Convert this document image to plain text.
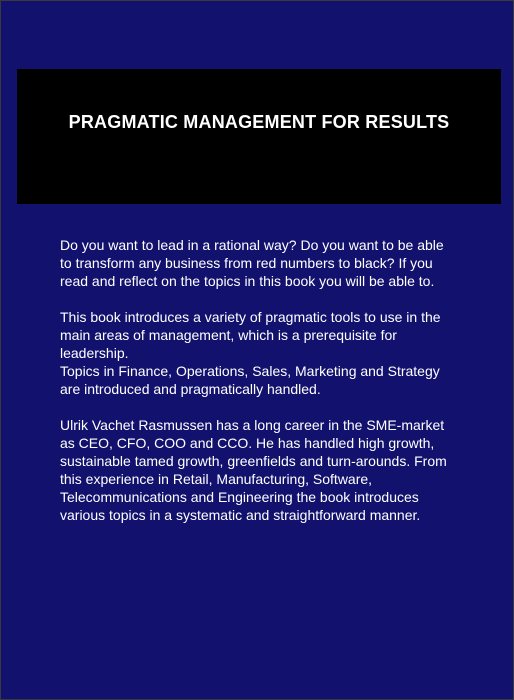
PRAGMATIC MANAGEMENT FOR RESULTS

Do you want to lead in a rational way? Do you want to be able to transform any business from red numbers to black? If you read and reflect on the topics in this book you will be able to.

This book introduces a variety of pragmatic tools to use in the main areas of management, which is a prerequisite for leadership.

Topics in Finance, Operations, Sales, Marketing and Strategy are introduced and pragmatically handled.

Ulrik Vachet Rasmussen has a long career in the SME-market as CEO, CFO, COO and CCO. He has handled high growth, sustainable tamed growth, greenfields and turn-arounds. From this experience in Retail, Manufacturing, Software, Telecommunications and Engineering the book introduces various topics in a systematic and straightforward manner.
